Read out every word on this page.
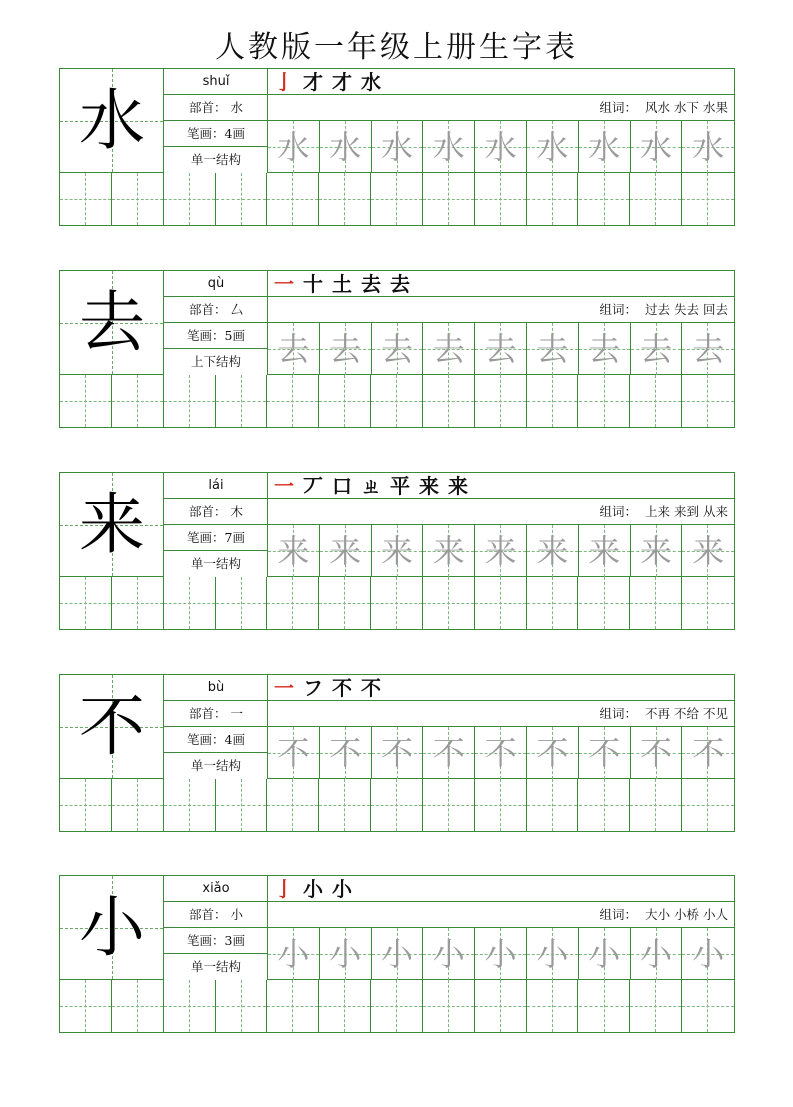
人教版一年级上册生字表
水
shuǐ
部首： 水
笔画：4画
单一结构
亅 才 才 水
组词： 风水 水下 水果
水 水 水 水 水 水 水 水 水
去
qù
部首： 厶
笔画：5画
上下结构
一 十 土 去 去
组词： 过去 失去 回去
去 去 去 去 去 去 去 去 去
来
lái
部首： 木
笔画：7画
单一结构
一 丆 口 ㄓ 平 来 来
组词： 上来 来到 从来
来 来 来 来 来 来 来 来 来
不
bù
部首： 一
笔画：4画
单一结构
一 フ 不 不
组词： 不再 不给 不见
不 不 不 不 不 不 不 不 不
小
xiǎo
部首： 小
笔画：3画
单一结构
亅 小 小
组词： 大小 小桥 小人
小 小 小 小 小 小 小 小 小
